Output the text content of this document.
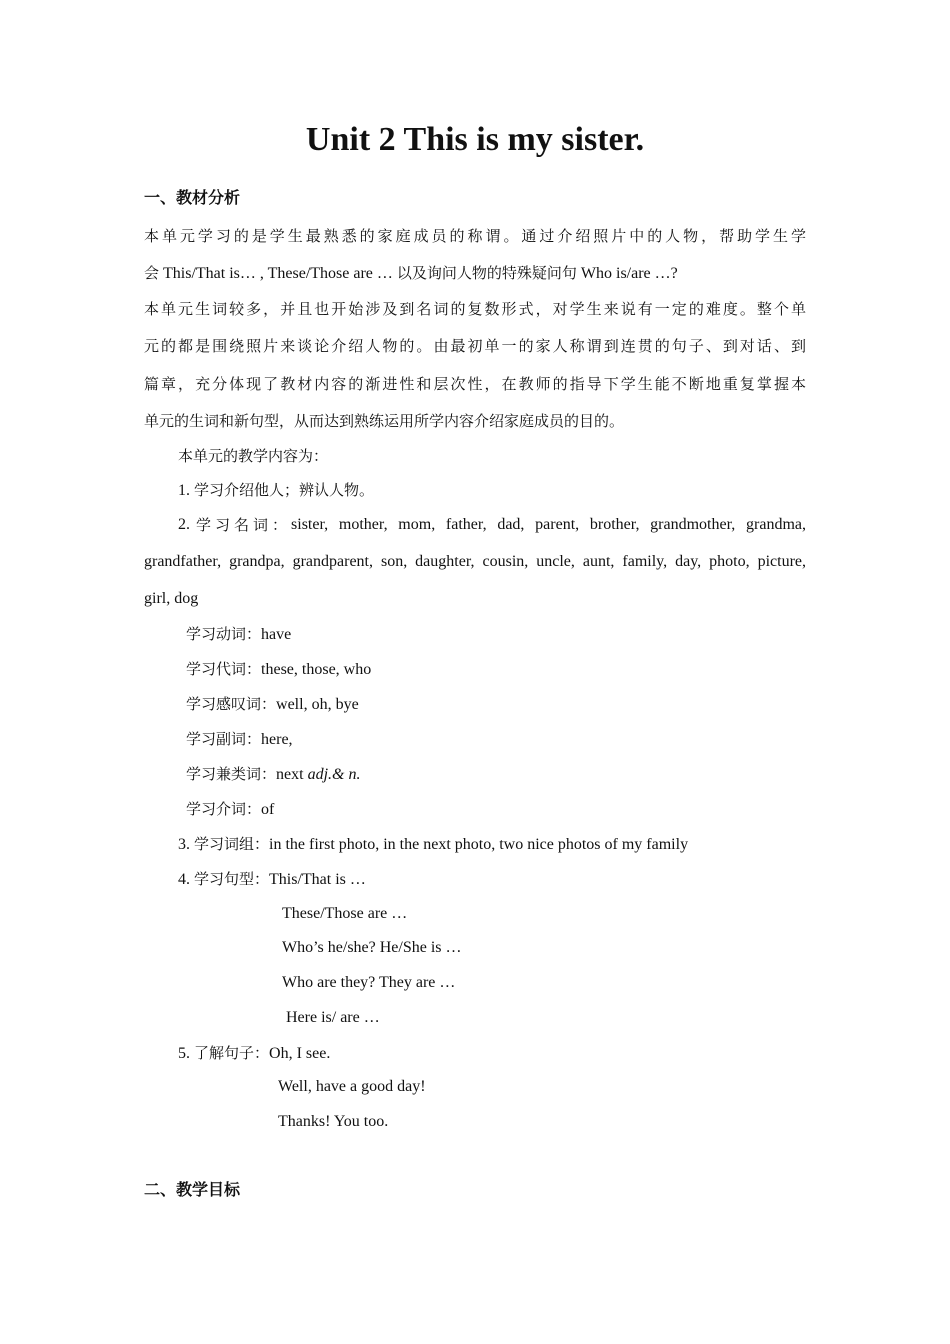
Unit 2 This is my sister.
一、教材分析
本单元学习的是学生最熟悉的家庭成员的称谓。通过介绍照片中的人物，帮助学生学
会 This/That is… , These/Those are … 以及询问人物的特殊疑问句 Who is/are …?
本单元生词较多，并且也开始涉及到名词的复数形式，对学生来说有一定的难度。整个单
元的都是围绕照片来谈论介绍人物的。由最初单一的家人称谓到连贯的句子、到对话、到
篇章，充分体现了教材内容的渐进性和层次性，在教师的指导下学生能不断地重复掌握本
单元的生词和新句型，从而达到熟练运用所学内容介绍家庭成员的目的。
本单元的教学内容为：
1. 学习介绍他人；辨认人物。
2. 学习名词： sister, mother, mom, father, dad, parent, brother, grandmother, grandma,
grandfather, grandpa, grandparent, son, daughter, cousin, uncle, aunt, family, day, photo, picture,
girl, dog
学习动词：have
学习代词：these, those, who
学习感叹词：well, oh, bye
学习副词：here,
学习兼类词：next adj.& n.
学习介词：of
3. 学习词组：in the first photo, in the next photo, two nice photos of my family
4. 学习句型：This/That is …
These/Those are …
Who’s he/she? He/She is …
Who are they? They are …
Here is/ are …
5. 了解句子：Oh, I see.
Well, have a good day!
Thanks! You too.
二、教学目标
